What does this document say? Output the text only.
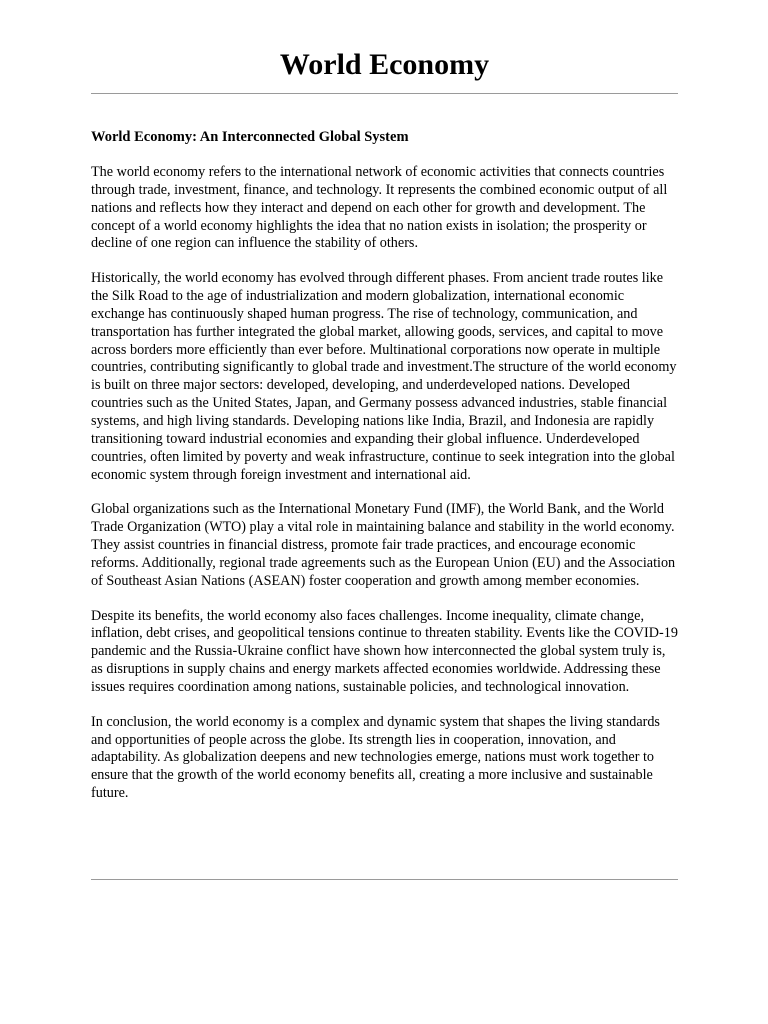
World Economy

World Economy: An Interconnected Global System

The world economy refers to the international network of economic activities that connects countries through trade, investment, finance, and technology. It represents the combined economic output of all nations and reflects how they interact and depend on each other for growth and development. The concept of a world economy highlights the idea that no nation exists in isolation; the prosperity or decline of one region can influence the stability of others.

Historically, the world economy has evolved through different phases. From ancient trade routes like the Silk Road to the age of industrialization and modern globalization, international economic exchange has continuously shaped human progress. The rise of technology, communication, and transportation has further integrated the global market, allowing goods, services, and capital to move across borders more efficiently than ever before. Multinational corporations now operate in multiple countries, contributing significantly to global trade and investment.The structure of the world economy is built on three major sectors: developed, developing, and underdeveloped nations. Developed countries such as the United States, Japan, and Germany possess advanced industries, stable financial systems, and high living standards. Developing nations like India, Brazil, and Indonesia are rapidly transitioning toward industrial economies and expanding their global influence. Underdeveloped countries, often limited by poverty and weak infrastructure, continue to seek integration into the global economic system through foreign investment and international aid.

Global organizations such as the International Monetary Fund (IMF), the World Bank, and the World Trade Organization (WTO) play a vital role in maintaining balance and stability in the world economy. They assist countries in financial distress, promote fair trade practices, and encourage economic reforms. Additionally, regional trade agreements such as the European Union (EU) and the Association of Southeast Asian Nations (ASEAN) foster cooperation and growth among member economies.

Despite its benefits, the world economy also faces challenges. Income inequality, climate change, inflation, debt crises, and geopolitical tensions continue to threaten stability. Events like the COVID-19 pandemic and the Russia-Ukraine conflict have shown how interconnected the global system truly is, as disruptions in supply chains and energy markets affected economies worldwide. Addressing these issues requires coordination among nations, sustainable policies, and technological innovation.

In conclusion, the world economy is a complex and dynamic system that shapes the living standards and opportunities of people across the globe. Its strength lies in cooperation, innovation, and adaptability. As globalization deepens and new technologies emerge, nations must work together to ensure that the growth of the world economy benefits all, creating a more inclusive and sustainable future.
